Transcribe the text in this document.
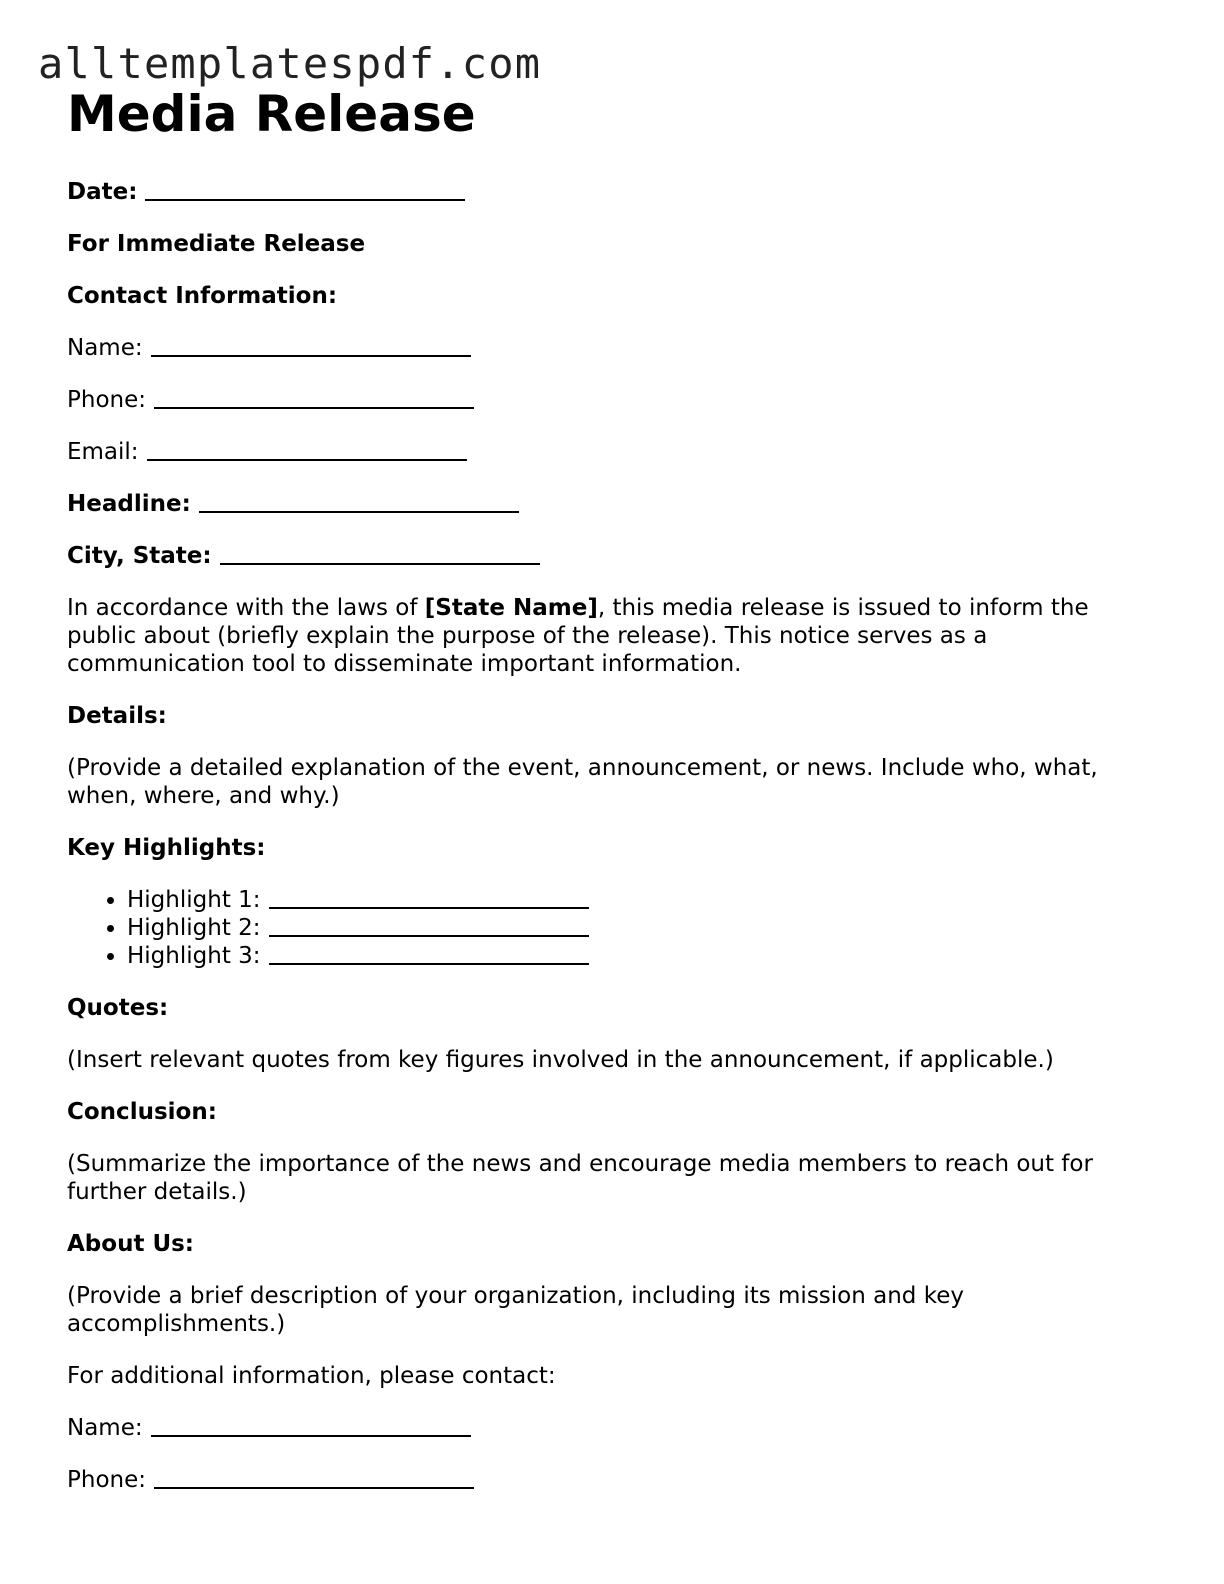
alltemplatespdf.com
Media Release

Date:

For Immediate Release

Contact Information:

Name:

Phone:

Email:

Headline:

City, State:

In accordance with the laws of [State Name], this media release is issued to inform the public about (briefly explain the purpose of the release). This notice serves as a communication tool to disseminate important information.

Details:

(Provide a detailed explanation of the event, announcement, or news. Include who, what, when, where, and why.)

Key Highlights:

• Highlight 1:
• Highlight 2:
• Highlight 3:

Quotes:

(Insert relevant quotes from key figures involved in the announcement, if applicable.)

Conclusion:

(Summarize the importance of the news and encourage media members to reach out for further details.)

About Us:

(Provide a brief description of your organization, including its mission and key accomplishments.)

For additional information, please contact:

Name:

Phone:
